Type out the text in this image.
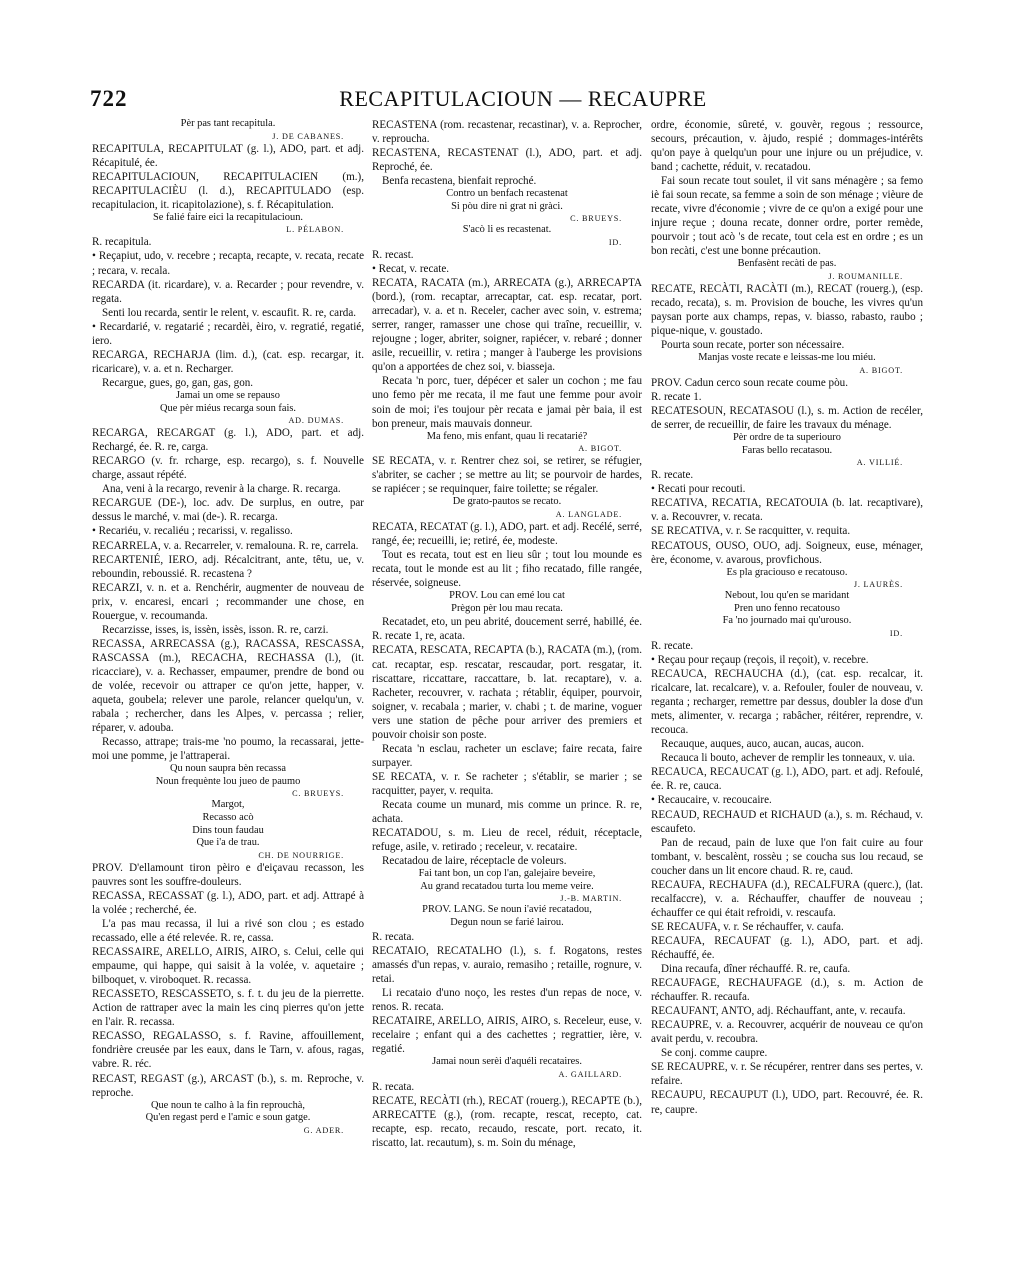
722	RECAPITULACIOUN — RECAUPRE

Pèr pas tant recapitula.

J. DE CABANES.

RECAPITULA, RECAPITULAT (g. l.), ADO, part. et adj. Récapitulé, ée.

RECAPITULACIOUN, RECAPITULACIEN (m.), RECAPITULACIÈU (l. d.), RECAPITULADO (esp. recapitulacion, it. ricapitolazione), s. f. Récapitulation.

Se falié faire eici la recapitulacioun.

L. PÉLABON.

R. recapitula.

• Reçapiut, udo, v. recebre ; recapta, recapte, v. recata, recate ; recara, v. recala.

RECARDA (it. ricardare), v. a. Recarder ; pour revendre, v. regata.

Senti lou recarda, sentir le relent, v. escaufit. R. re, carda.

• Recardarié, v. regatarié ; recardèi, èiro, v. regratié, regatié, iero.

RECARGA, RECHARJA (lim. d.), (cat. esp. recargar, it. ricaricare), v. a. et n. Recharger.

Recargue, gues, go, gan, gas, gon.

Jamai un ome se repauso
Que pèr miéus recarga soun fais.

AD. DUMAS.

RECARGA, RECARGAT (g. l.), ADO, part. et adj. Rechargé, ée. R. re, carga.

RECARGO (v. fr. rcharge, esp. recargo), s. f. Nouvelle charge, assaut répété.

Ana, veni à la recargo, revenir à la charge. R. recarga.

RECARGUE (DE-), loc. adv. De surplus, en outre, par dessus le marché, v. mai (de-). R. recarga.

• Recariéu, v. recaliéu ; recarissi, v. regalisso.

RECARRELA, v. a. Recarreler, v. remalouna. R. re, carrela.

RECARTENIÉ, IERO, adj. Récalcitrant, ante, têtu, ue, v. reboundin, reboussié. R. recastena ?

RECARZI, v. n. et a. Renchérir, augmenter de nouveau de prix, v. encaresi, encari ; recommander une chose, en Rouergue, v. recoumanda.

Recarzisse, isses, is, issèn, issès, isson. R. re, carzi.

RECASSA, ARRECASSA (g.), RACASSA, RESCASSA, RASCASSA (m.), RECACHA, RECHASSA (l.), (it. ricacciare), v. a. Rechasser, empaumer, prendre de bond ou de volée, recevoir ou attraper ce qu'on jette, happer, v. aqueta, goubela; relever une parole, relancer quelqu'un, v. rabala ; rechercher, dans les Alpes, v. percassa ; relier, réparer, v. adouba.

Recasso, attrape; trais-me 'no poumo, la recassarai, jette-moi une pomme, je l'attraperai.

Qu noun saupra bèn recassa
Noun frequènte lou jueo de paumo

C. BRUEYS.

Margot,
Recasso acò
Dins toun faudau
Que i'a de trau.

CH. DE NOURRIGE.

PROV. D'ellamount tiron pèiro e d'eiçavau recasson, les pauvres sont les souffre-douleurs.

RECASSA, RECASSAT (g. l.), ADO, part. et adj. Attrapé à la volée ; recherché, ée.

L'a pas mau recassa, il lui a rivé son clou ; es estado recassado, elle a été relevée. R. re, cassa.

RECASSAIRE, ARELLO, AIRIS, AIRO, s. Celui, celle qui empaume, qui happe, qui saisit à la volée, v. aquetaire ; bilboquet, v. viroboquet. R. recassa.

RECASSETO, RESCASSETO, s. f. t. du jeu de la pierrette. Action de rattraper avec la main les cinq pierres qu'on jette en l'air. R. recassa.

RECASSO, REGALASSO, s. f. Ravine, affouillement, fondrière creusée par les eaux, dans le Tarn, v. afous, ragas, vabre. R. réc.

RECAST, REGAST (g.), ARCAST (b.), s. m. Reproche, v. reproche.

Que noun te calho à la fin reprouchà,
Qu'en regast perd e l'amic e soun gatge.

G. ADER.

RECASTENA (rom. recastenar, recastinar), v. a. Reprocher, v. reproucha.

RECASTENA, RECASTENAT (l.), ADO, part. et adj. Reproché, ée.

Benfa recastena, bienfait reproché.

Contro un benfach recastenat
Si pòu dire ni grat ni gràci.

C. BRUEYS.

S'acò li es recastenat.

ID.

R. recast.

• Recat, v. recate.

RECATA, RACATA (m.), ARRECATA (g.), ARRECAPTA (bord.), (rom. recaptar, arrecaptar, cat. esp. recatar, port. arrecadar), v. a. et n. Receler, cacher avec soin, v. estrema; serrer, ranger, ramasser une chose qui traîne, recueillir, v. rejougne ; loger, abriter, soigner, rapiécer, v. rebaré ; donner asile, recueillir, v. retira ; manger à l'auberge les provisions qu'on a apportées de chez soi, v. biasseja.

Recata 'n porc, tuer, dépécer et saler un cochon ; me fau uno femo pèr me recata, il me faut une femme pour avoir soin de moi; i'es toujour pèr recata e jamai pèr baia, il est bon preneur, mais mauvais donneur.

Ma feno, mis enfant, quau li recatarié?

A. BIGOT.

SE RECATA, v. r. Rentrer chez soi, se retirer, se réfugier, s'abriter, se cacher ; se mettre au lit; se pourvoir de hardes, se rapiécer ; se requinquer, faire toilette; se régaler.

De grato-pautos se recato.

A. LANGLADE.

RECATA, RECATAT (g. l.), ADO, part. et adj. Recélé, serré, rangé, ée; recueilli, ie; retiré, ée, modeste.

Tout es recata, tout est en lieu sûr ; tout lou mounde es recata, tout le monde est au lit ; fiho recatado, fille rangée, réservée, soigneuse.

PROV. Lou can emé lou cat
Prègon pèr lou mau recata.

Recatadet, eto, un peu abrité, doucement serré, habillé, ée. R. recate 1, re, acata.

RECATA, RESCATA, RECAPTA (b.), RACATA (m.), (rom. cat. recaptar, esp. rescatar, rescaudar, port. resgatar, it. riscattare, riccattare, raccattare, b. lat. recaptare), v. a. Racheter, recouvrer, v. rachata ; rétablir, équiper, pourvoir, soigner, v. recabala ; marier, v. chabi ; t. de marine, voguer vers une station de pêche pour arriver des premiers et pouvoir choisir son poste.

Recata 'n esclau, racheter un esclave; faire recata, faire surpayer.

SE RECATA, v. r. Se racheter ; s'établir, se marier ; se racquitter, payer, v. requita.

Recata coume un munard, mis comme un prince. R. re, achata.

RECATADOU, s. m. Lieu de recel, réduit, réceptacle, refuge, asile, v. retirado ; receleur, v. recataire.

Recatadou de laire, réceptacle de voleurs.

Fai tant bon, un cop l'an, galejaire beveire,
Au grand recatadou turta lou meme veire.

J.-B. MARTIN.

PROV. LANG. Se noun i'avié recatadou,
Degun noun se farié lairou.

R. recata.

RECATAIO, RECATALHO (l.), s. f. Rogatons, restes amassés d'un repas, v. auraio, remasiho ; retaille, rognure, v. retai.

Li recataio d'uno noço, les restes d'un repas de noce, v. renos. R. recata.

RECATAIRE, ARELLO, AIRIS, AIRO, s. Receleur, euse, v. recelaire ; enfant qui a des cachettes ; regrattier, ière, v. regatié.

Jamai noun serèi d'aquéli recataires.

A. GAILLARD.

R. recata.

RECATE, RECÀTI (rh.), RECAT (rouerg.), RECAPTE (b.), ARRECATTE (g.), (rom. recapte, rescat, recepto, cat. recapte, esp. recato, recaudo, rescate, port. recato, it. riscatto, lat. recautum), s. m. Soin du ménage,

ordre, économie, sûreté, v. gouvèr, regous ; ressource, secours, précaution, v. àjudo, respié ; dommages-intérêts qu'on paye à quelqu'un pour une injure ou un préjudice, v. band ; cachette, réduit, v. recatadou.

Fai soun recate tout soulet, il vit sans ménagère ; sa femo iè fai soun recate, sa femme a soin de son ménage ; vièure de recate, vivre d'économie ; vivre de ce qu'on a exigé pour une injure reçue ; douna recate, donner ordre, porter remède, pourvoir ; tout acò 's de recate, tout cela est en ordre ; es un bon recàti, c'est une bonne précaution.

Benfasènt recàti de pas.

J. ROUMANILLE.

RECATE, RECÀTI, RACÀTI (m.), RECAT (rouerg.), (esp. recado, recata), s. m. Provision de bouche, les vivres qu'un paysan porte aux champs, repas, v. biasso, rabasto, raubo ; pique-nique, v. goustado.

Pourta soun recate, porter son nécessaire.

Manjas voste recate e leissas-me lou miéu.

A. BIGOT.

PROV. Cadun cerco soun recate coume pòu.

R. recate 1.

RECATESOUN, RECATASOU (l.), s. m. Action de recéler, de serrer, de recueillir, de faire les travaux du ménage.

Pèr ordre de ta superiouro
Faras bello recatasou.

A. VILLIÉ.

R. recate.

• Recati pour recouti.

RECATIVA, RECATIA, RECATOUIA (b. lat. recaptivare), v. a. Recouvrer, v. recata.

SE RECATIVA, v. r. Se racquitter, v. requita.

RECATOUS, OUSO, OUO, adj. Soigneux, euse, ménager, ère, économe, v. avarous, provfichous.

Es pla graciouso e recatouso.

J. LAURÈS.

Nebout, lou qu'en se maridant
Pren uno fenno recatouso
Fa 'no journado mai qu'urouso.

ID.

R. recate.

• Reçau pour reçaup (reçois, il reçoit), v. recebre.

RECAUCA, RECHAUCHA (d.), (cat. esp. recalcar, it. ricalcare, lat. recalcare), v. a. Refouler, fouler de nouveau, v. reganta ; recharger, remettre par dessus, doubler la dose d'un mets, alimenter, v. recarga ; rabâcher, réitérer, reprendre, v. recouca.

Recauque, auques, auco, aucan, aucas, aucon.

Recauca li bouto, achever de remplir les tonneaux, v. uia.

RECAUCA, RECAUCAT (g. l.), ADO, part. et adj. Refoulé, ée. R. re, cauca.

• Recaucaire, v. recoucaire.

RECAUD, RECHAUD et RICHAUD (a.), s. m. Réchaud, v. escaufeto.

Pan de recaud, pain de luxe que l'on fait cuire au four tombant, v. bescalènt, rossèu ; se coucha sus lou recaud, se coucher dans un lit encore chaud. R. re, caud.

RECAUFA, RECHAUFA (d.), RECALFURA (querc.), (lat. recalfaccre), v. a. Réchauffer, chauffer de nouveau ; échauffer ce qui était refroidi, v. rescaufa.

SE RECAUFA, v. r. Se réchauffer, v. caufa.

RECAUFA, RECAUFAT (g. l.), ADO, part. et adj. Réchauffé, ée.

Dina recaufa, dîner réchauffé. R. re, caufa.

RECAUFAGE, RECHAUFAGE (d.), s. m. Action de réchauffer. R. recaufa.

RECAUFANT, ANTO, adj. Réchauffant, ante, v. recaufa.

RECAUPRE, v. a. Recouvrer, acquérir de nouveau ce qu'on avait perdu, v. recoubra.

Se conj. comme caupre.

SE RECAUPRE, v. r. Se récupérer, rentrer dans ses pertes, v. refaire.

RECAUPU, RECAUPUT (l.), UDO, part. Recouvré, ée. R. re, caupre.
